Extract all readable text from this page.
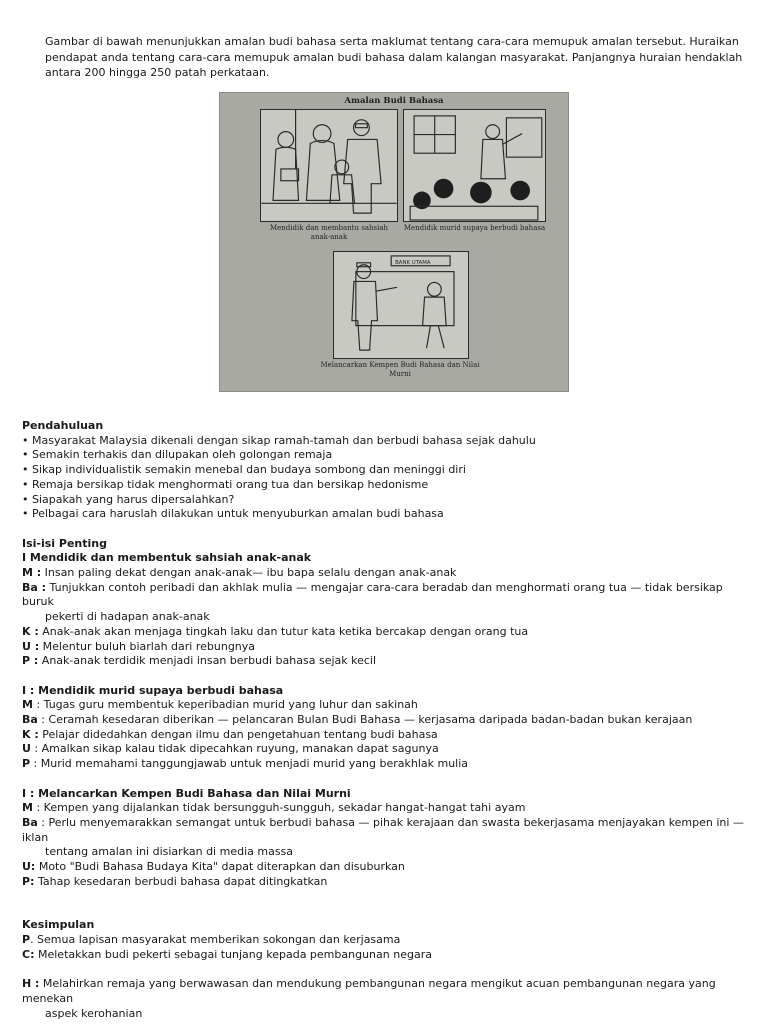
Gambar di bawah menunjukkan amalan budi bahasa serta maklumat tentang cara-cara memupuk amalan tersebut. Huraikan pendapat anda tentang cara-cara memupuk amalan budi bahasa dalam kalangan masyarakat. Panjangnya huraian hendaklah antara 200 hingga 250 patah perkataan.
Amalan Budi Bahasa
BANK UTAMA
Mendidik dan membantu sahsiah anak-anak
Mendidik murid supaya berbudi bahasa
Melancarkan Kempen Budi Bahasa dan Nilai Murni

Pendahuluan

• Masyarakat Malaysia dikenali dengan sikap ramah-tamah dan berbudi bahasa sejak dahulu

• Semakin terhakis dan dilupakan oleh golongan remaja

• Sikap individualistik semakin menebal dan budaya sombong dan meninggi diri

• Remaja bersikap tidak menghormati orang tua dan bersikap hedonisme

• Siapakah yang harus dipersalahkan?

• Pelbagai cara haruslah dilakukan untuk menyuburkan amalan budi bahasa

Isi-isi Penting

I Mendidik dan membentuk sahsiah anak-anak

M : Insan paling dekat dengan anak-anak— ibu bapa selalu dengan anak-anak

Ba : Tunjukkan contoh peribadi dan akhlak mulia — mengajar cara-cara beradab dan menghormati orang tua — tidak bersikap buruk

pekerti di hadapan anak-anak

K : Anak-anak akan menjaga tingkah laku dan tutur kata ketika bercakap dengan orang tua

U : Melentur buluh biarlah dari rebungnya

P : Anak-anak terdidik menjadi insan berbudi bahasa sejak kecil

I : Mendidik murid supaya berbudi bahasa

M : Tugas guru membentuk keperibadian murid yang luhur dan sakinah

Ba : Ceramah kesedaran diberikan — pelancaran Bulan Budi Bahasa — kerjasama daripada badan-badan bukan kerajaan

K : Pelajar didedahkan dengan ilmu dan pengetahuan tentang budi bahasa

U : Amalkan sikap kalau tidak dipecahkan ruyung, manakan dapat sagunya

P : Murid memahami tanggungjawab untuk menjadi murid yang berakhlak mulia

I : Melancarkan Kempen Budi Bahasa dan Nilai Murni

M : Kempen yang dijalankan tidak bersungguh-sungguh, sekadar hangat-hangat tahi ayam

Ba : Perlu menyemarakkan semangat untuk berbudi bahasa — pihak kerajaan dan swasta bekerjasama menjayakan kempen ini — iklan

tentang amalan ini disiarkan di media massa

U: Moto "Budi Bahasa Budaya Kita" dapat diterapkan dan disuburkan

P: Tahap kesedaran berbudi bahasa dapat ditingkatkan

Kesimpulan

P. Semua lapisan masyarakat memberikan sokongan dan kerjasama

C: Meletakkan budi pekerti sebagai tunjang kepada pembangunan negara

H : Melahirkan remaja yang berwawasan dan mendukung pembangunan negara mengikut acuan pembangunan negara yang menekan

aspek kerohanian
